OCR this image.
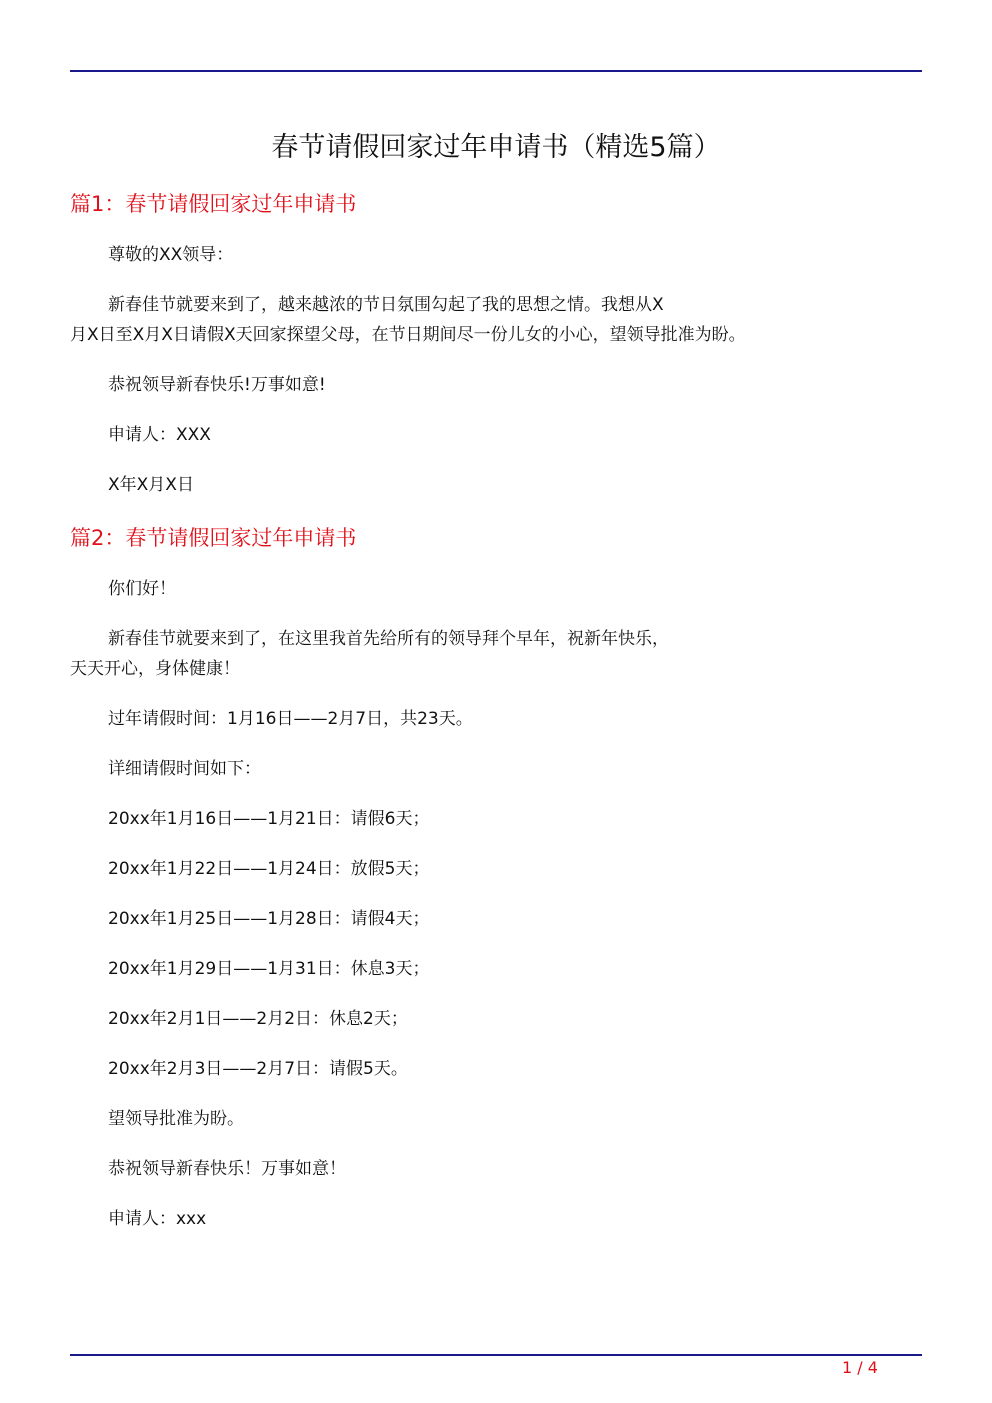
春节请假回家过年申请书（精选5篇）
篇1：春节请假回家过年申请书
尊敬的XX领导：
新春佳节就要来到了，越来越浓的节日氛围勾起了我的思想之情。我想从X
月X日至X月X日请假X天回家探望父母，在节日期间尽一份儿女的小心，望领导批准为盼。
恭祝领导新春快乐!万事如意!
申请人：XXX
X年X月X日
篇2：春节请假回家过年申请书
你们好！
新春佳节就要来到了，在这里我首先给所有的领导拜个早年，祝新年快乐，
天天开心，身体健康！
过年请假时间：1月16日——2月7日，共23天。
详细请假时间如下：
20xx年1月16日——1月21日：请假6天；
20xx年1月22日——1月24日：放假5天；
20xx年1月25日——1月28日：请假4天；
20xx年1月29日——1月31日：休息3天；
20xx年2月1日——2月2日：休息2天；
20xx年2月3日——2月7日：请假5天。
望领导批准为盼。
恭祝领导新春快乐！万事如意！
申请人：xxx
1 / 4
